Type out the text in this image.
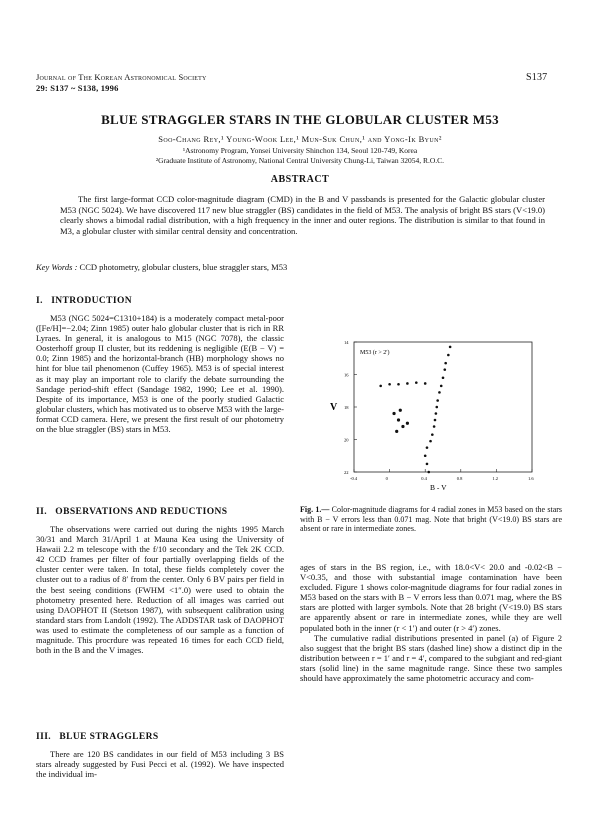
Journal of The Korean Astronomical Society
29: S137 ~ S138, 1996
S137
BLUE STRAGGLER STARS IN THE GLOBULAR CLUSTER M53
Soo-Chang Rey,¹ Young-Wook Lee,¹ Mun-Suk Chun,¹ and Yong-Ik Byun²
¹Astronomy Program, Yonsei University Shinchon 134, Seoul 120-749, Korea
²Graduate Institute of Astronomy, National Central University Chung-Li, Taiwan 32054, R.O.C.
ABSTRACT
The first large-format CCD color-magnitude diagram (CMD) in the B and V passbands is presented for the Galactic globular cluster M53 (NGC 5024). We have discovered 117 new blue straggler (BS) candidates in the field of M53. The analysis of bright BS stars (V<19.0) clearly shows a bimodal radial distribution, with a high frequency in the inner and outer regions. The distribution is similar to that found in M3, a globular cluster with similar central density and concentration.
Key Words : CCD photometry, globular clusters, blue straggler stars, M53
I.   INTRODUCTION

M53 (NGC 5024=C1310+184) is a moderately compact metal-poor ([Fe/H]=−2.04; Zinn 1985) outer halo globular cluster that is rich in RR Lyraes. In general, it is analogous to M15 (NGC 7078), the classic Oosterhoff group II cluster, but its reddening is negligible (E(B − V) = 0.0; Zinn 1985) and the horizontal-branch (HB) morphology shows no hint for blue tail phenomenon (Cuffey 1965). M53 is of special interest as it may play an important role to clarify the debate surrounding the Sandage period-shift effect (Sandage 1982, 1990; Lee et al. 1990). Despite of its importance, M53 is one of the poorly studied Galactic globular clusters, which has motivated us to observe M53 with the large-format CCD camera. Here, we present the first result of our photometry on the blue straggler (BS) stars in M53.

II.   OBSERVATIONS AND REDUCTIONS

The observations were carried out during the nights 1995 March 30/31 and March 31/April 1 at Mauna Kea using the University of Hawaii 2.2 m telescope with the f/10 secondary and the Tek 2K CCD. 42 CCD frames per filter of four partially overlapping fields of the cluster center were taken. In total, these fields completely cover the cluster out to a radius of 8′ from the center. Only 6 BV pairs per field in the best seeing conditions (FWHM <1″.0) were used to obtain the photometry presented here. Reduction of all images was carried out using DAOPHOT II (Stetson 1987), with subsequent calibration using standard stars from Landolt (1992). The ADDSTAR task of DAOPHOT was used to estimate the completeness of our sample as a function of magnitude. This procrdure was repeated 16 times for each CCD field, both in the B and the V images.

III.   BLUE STRAGGLERS

There are 120 BS candidates in our field of M53 including 3 BS stars already suggested by Fusi Pecci et al. (1992). We have inspected the individual im-

M53 (r > 2′)
V
B - V
14
16
18
20
22
-0.4	0	0.4	0.8	1.2	1.6
Fig. 1.— Color-magnitude diagrams for 4 radial zones in M53 based on the stars with B − V errors less than 0.071 mag. Note that bright (V<19.0) BS stars are absent or rare in intermediate zones.

ages of stars in the BS region, i.e., with 18.0<V< 20.0 and -0.02<B − V<0.35, and those with substantial image contamination have been excluded. Figure 1 shows color-magnitude diagrams for four radial zones in M53 based on the stars with B − V errors less than 0.071 mag, where the BS stars are plotted with larger symbols. Note that 28 bright (V<19.0) BS stars are apparently absent or rare in intermediate zones, while they are well populated both in the inner (r < 1′) and outer (r > 4′) zones.

The cumulative radial distributions presented in panel (a) of Figure 2 also suggest that the bright BS stars (dashed line) show a distinct dip in the distribution between r = 1′ and r = 4′, compared to the subgiant and red-giant stars (solid line) in the same magnitude range. Since these two samples should have approximately the same photometric accuracy and com-
